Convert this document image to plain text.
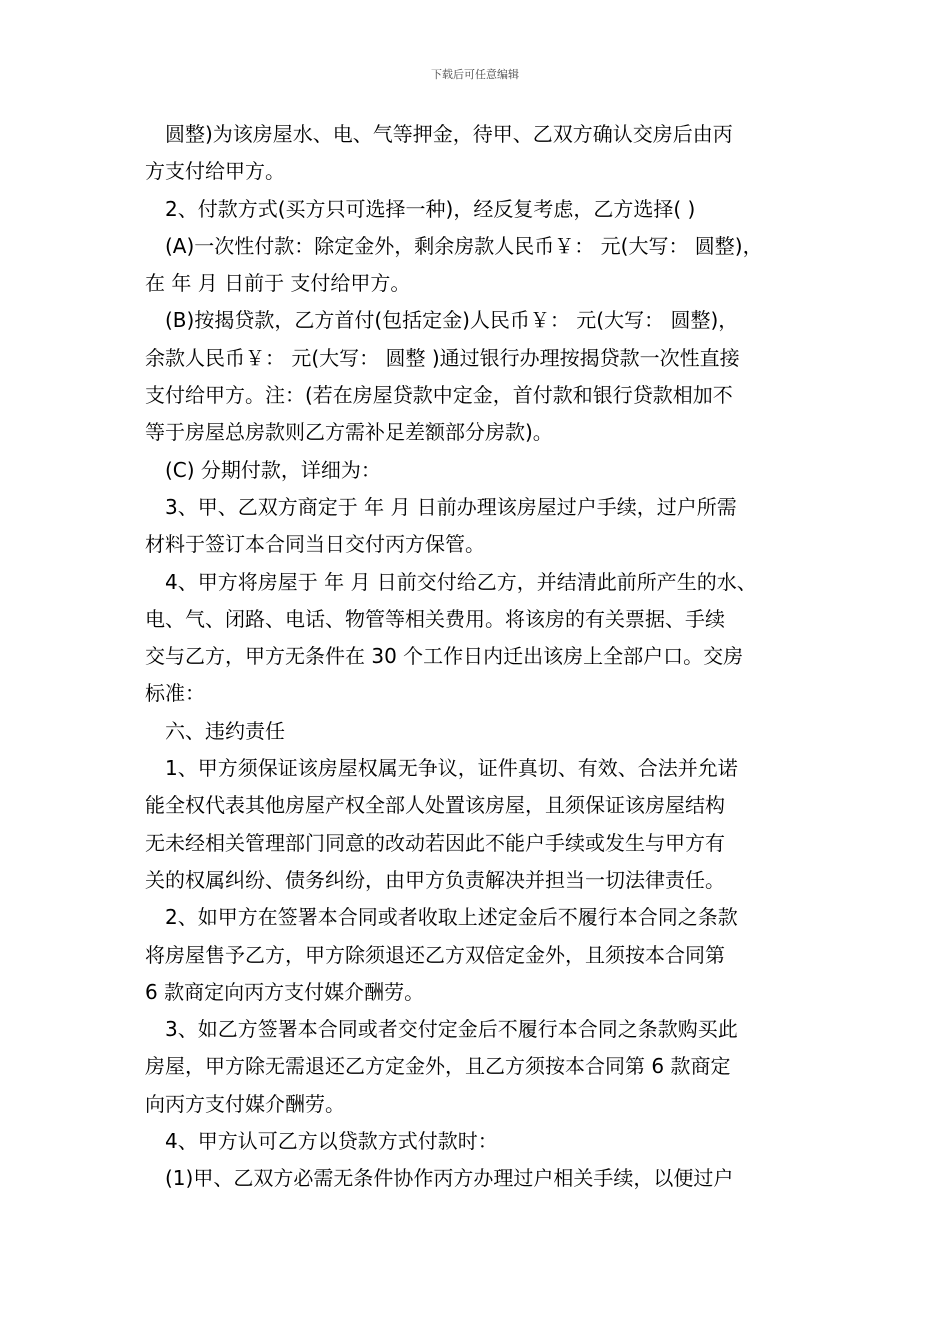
下载后可任意编辑
圆整)为该房屋水、电、气等押金，待甲、乙双方确认交房后由丙
方支付给甲方。
2、付款方式(买方只可选择一种)，经反复考虑，乙方选择( )
(A)一次性付款：除定金外，剩余房款人民币￥： 元(大写： 圆整)，
在 年 月 日前于 支付给甲方。
(B)按揭贷款，乙方首付(包括定金)人民币￥： 元(大写： 圆整)，
余款人民币￥： 元(大写： 圆整 )通过银行办理按揭贷款一次性直接
支付给甲方。注：(若在房屋贷款中定金，首付款和银行贷款相加不
等于房屋总房款则乙方需补足差额部分房款)。
(C) 分期付款，详细为：
3、甲、乙双方商定于 年 月 日前办理该房屋过户手续，过户所需
材料于签订本合同当日交付丙方保管。
4、甲方将房屋于 年 月 日前交付给乙方，并结清此前所产生的水、
电、气、闭路、电话、物管等相关费用。将该房的有关票据、手续
交与乙方，甲方无条件在 30 个工作日内迁出该房上全部户口。交房
标准：
六、违约责任
1、甲方须保证该房屋权属无争议，证件真切、有效、合法并允诺
能全权代表其他房屋产权全部人处置该房屋，且须保证该房屋结构
无未经相关管理部门同意的改动若因此不能户手续或发生与甲方有
关的权属纠纷、债务纠纷，由甲方负责解决并担当一切法律责任。
2、如甲方在签署本合同或者收取上述定金后不履行本合同之条款
将房屋售予乙方，甲方除须退还乙方双倍定金外，且须按本合同第
6 款商定向丙方支付媒介酬劳。
3、如乙方签署本合同或者交付定金后不履行本合同之条款购买此
房屋，甲方除无需退还乙方定金外，且乙方须按本合同第 6 款商定
向丙方支付媒介酬劳。
4、甲方认可乙方以贷款方式付款时：
(1)甲、乙双方必需无条件协作丙方办理过户相关手续，以便过户
